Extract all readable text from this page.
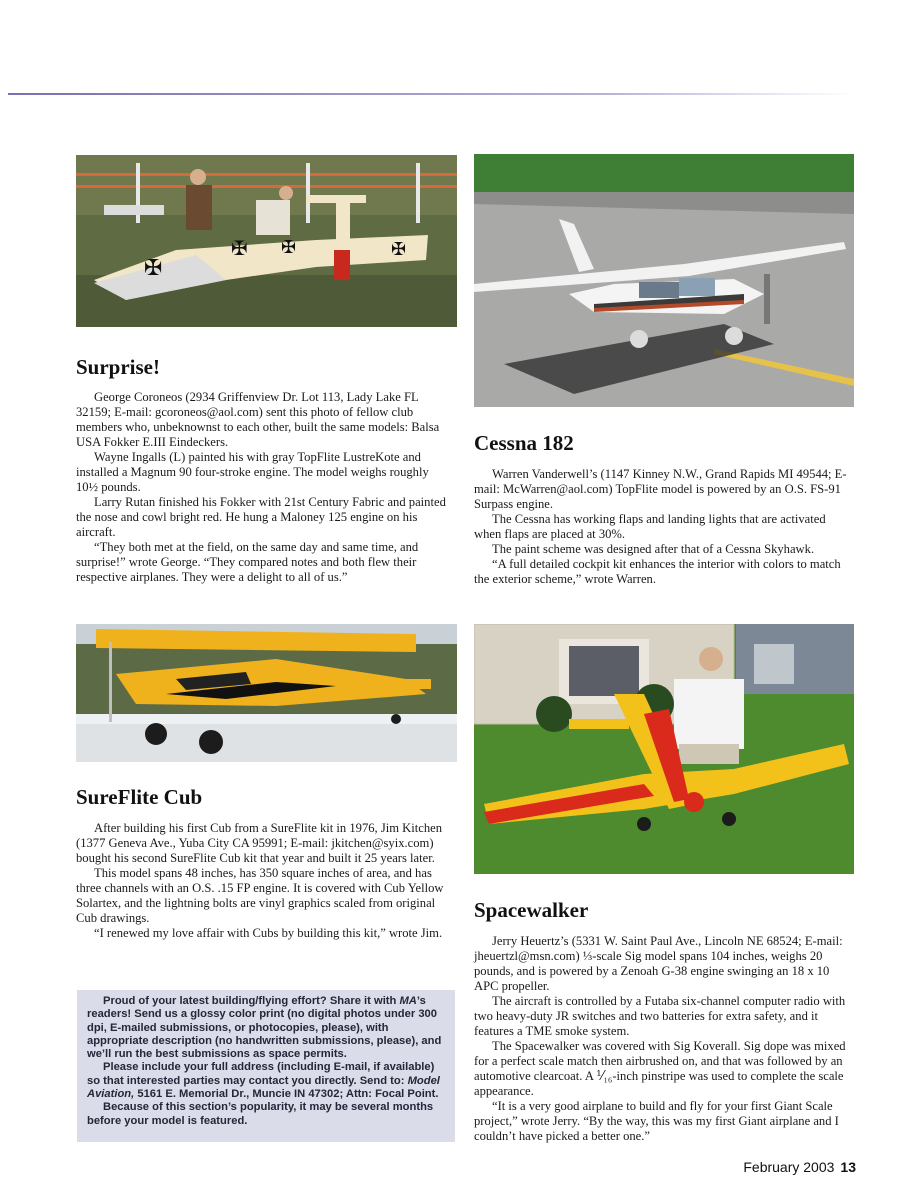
✠
✠ ✠	✠
Surprise!

George Coroneos (2934 Griffenview Dr. Lot 113, Lady Lake FL 32159; E-mail: gcoroneos@aol.com) sent this photo of fellow club members who, unbeknownst to each other, built the same models: Balsa USA Fokker E.III Eindeckers.

Wayne Ingalls (L) painted his with gray TopFlite LustreKote and installed a Magnum 90 four-stroke engine. The model weighs roughly 10½ pounds.

Larry Rutan finished his Fokker with 21st Century Fabric and painted the nose and cowl bright red. He hung a Maloney 125 engine on his aircraft.

“They both met at the field, on the same day and same time, and surprise!” wrote George. “They compared notes and both flew their respective airplanes. They were a delight to all of us.”

Cessna 182

Warren Vanderwell’s (1147 Kinney N.W., Grand Rapids MI 49544; E-mail: McWarren@aol.com) TopFlite model is powered by an O.S. FS-91 Surpass engine.

The Cessna has working flaps and landing lights that are activated when flaps are placed at 30%.

The paint scheme was designed after that of a Cessna Skyhawk.

“A full detailed cockpit kit enhances the interior with colors to match the exterior scheme,” wrote Warren.

SureFlite Cub

After building his first Cub from a SureFlite kit in 1976, Jim Kitchen (1377 Geneva Ave., Yuba City CA 95991; E-mail: jkitchen@syix.com) bought his second SureFlite Cub kit that year and built it 25 years later.

This model spans 48 inches, has 350 square inches of area, and has three channels with an O.S. .15 FP engine. It is covered with Cub Yellow Solartex, and the lightning bolts are vinyl graphics scaled from original Cub drawings.

“I renewed my love affair with Cubs by building this kit,” wrote Jim.

Spacewalker

Jerry Heuertz’s (5331 W. Saint Paul Ave., Lincoln NE 68524; E-mail: jheuertzl@msn.com) ⅓-scale Sig model spans 104 inches, weighs 20 pounds, and is powered by a Zenoah G-38 engine swinging an 18 x 10 APC propeller.

The aircraft is controlled by a Futaba six-channel computer radio with two heavy-duty JR switches and two batteries for extra safety, and it features a TME smoke system.

The Spacewalker was covered with Sig Koverall. Sig dope was mixed for a perfect scale match then airbrushed on, and that was followed by an automotive clearcoat. A ⅟₁₆-inch pinstripe was used to complete the scale appearance.

“It is a very good airplane to build and fly for your first Giant Scale project,” wrote Jerry. “By the way, this was my first Giant airplane and I couldn’t have picked a better one.”

Proud of your latest building/flying effort? Share it with MA’s readers! Send us a glossy color print (no digital photos under 300 dpi, E-mailed submissions, or photocopies, please), with appropriate description (no handwritten submissions, please), and we’ll run the best submissions as space permits.

Please include your full address (including E-mail, if available) so that interested parties may contact you directly. Send to: Model Aviation, 5161 E. Memorial Dr., Muncie IN 47302; Attn: Focal Point.

Because of this section’s popularity, it may be several months before your model is featured.

February 2003 13
